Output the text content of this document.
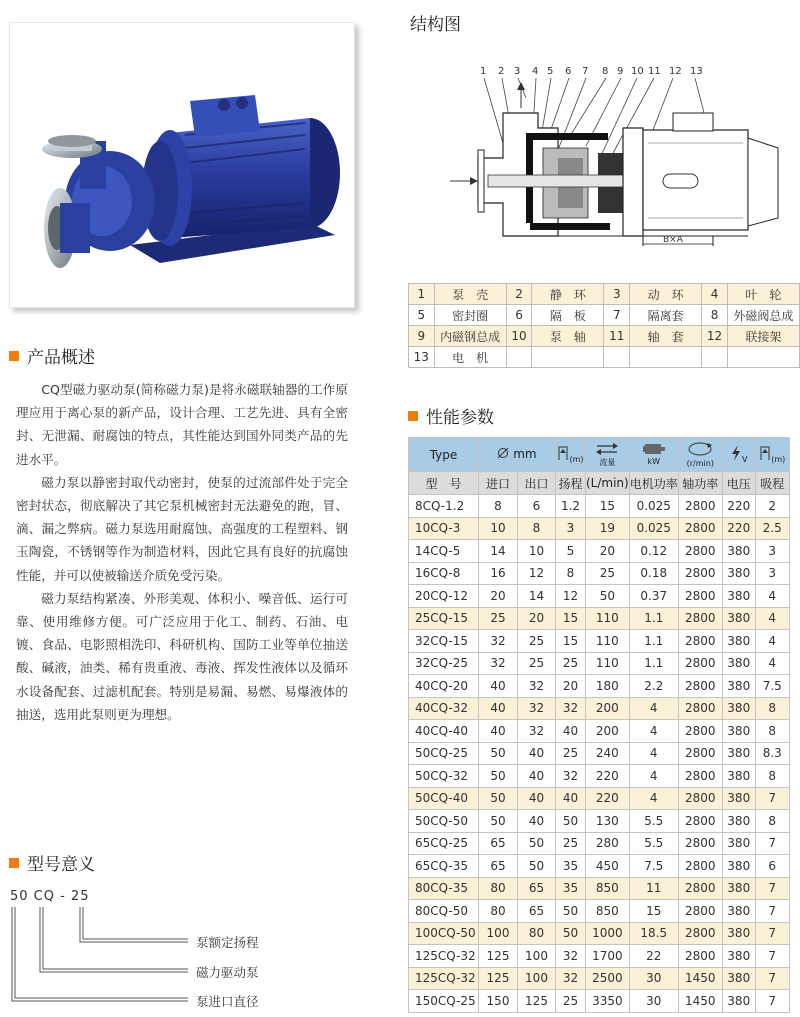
产品概述

CQ型磁力驱动泵(简称磁力泵)是将永磁联轴器的工作原理应用于离心泵的新产品，设计合理、工艺先进、具有全密封、无泄漏、耐腐蚀的特点，其性能达到国外同类产品的先进水平。

磁力泵以静密封取代动密封，使泵的过流部件处于完全密封状态，彻底解决了其它泵机械密封无法避免的跑，冒、滴、漏之弊病。磁力泵选用耐腐蚀、高强度的工程塑料、钢玉陶瓷，不锈钢等作为制造材料，因此它具有良好的抗腐蚀性能，并可以使被输送介质免受污染。

磁力泵结构紧凑、外形美观、体积小、噪音低、运行可靠、使用维修方便。可广泛应用于化工、制药、石油、电镀、食品、电影照相洗印、科研机构、国防工业等单位抽送酸、碱液，油类、稀有贵重液、毒液、挥发性液体以及循环水设备配套、过滤机配套。特别是易漏、易燃、易爆液体的抽送，选用此泵则更为理想。

型号意义
50 CQ - 25
泵额定扬程
磁力驱动泵
泵进口直径
结构图
1 2 3 4 5 6 7 8 9 10 11 12 13
B×A
1	泵　壳	2	静　环	3	动　环	4	叶　轮
5	密封圈	6	隔　板	7	隔离套	8	外磁阀总成
9	内磁钢总成	10	泵　轴	11	轴　套	12	联接架
13	电　机						
性能参数
Type	mm		(m)	流量	kW	(r/min)	V	(m)
型　号	进口	出口	扬程	(L/min)	电机功率	轴功率	电压	吸程
8CQ-1.2	8	6	1.2	15	0.025	2800	220	2
10CQ-3	10	8	3	19	0.025	2800	220	2.5
14CQ-5	14	10	5	20	0.12	2800	380	3
16CQ-8	16	12	8	25	0.18	2800	380	3
20CQ-12	20	14	12	50	0.37	2800	380	4
25CQ-15	25	20	15	110	1.1	2800	380	4
32CQ-15	32	25	15	110	1.1	2800	380	4
32CQ-25	32	25	25	110	1.1	2800	380	4
40CQ-20	40	32	20	180	2.2	2800	380	7.5
40CQ-32	40	32	32	200	4	2800	380	8
40CQ-40	40	32	40	200	4	2800	380	8
50CQ-25	50	40	25	240	4	2800	380	8.3
50CQ-32	50	40	32	220	4	2800	380	8
50CQ-40	50	40	40	220	4	2800	380	7
50CQ-50	50	40	50	130	5.5	2800	380	8
65CQ-25	65	50	25	280	5.5	2800	380	7
65CQ-35	65	50	35	450	7.5	2800	380	6
80CQ-35	80	65	35	850	11	2800	380	7
80CQ-50	80	65	50	850	15	2800	380	7
100CQ-50	100	80	50	1000	18.5	2800	380	7
125CQ-32	125	100	32	1700	22	2800	380	7
125CQ-32	125	100	32	2500	30	1450	380	7
150CQ-25	150	125	25	3350	30	1450	380	7
